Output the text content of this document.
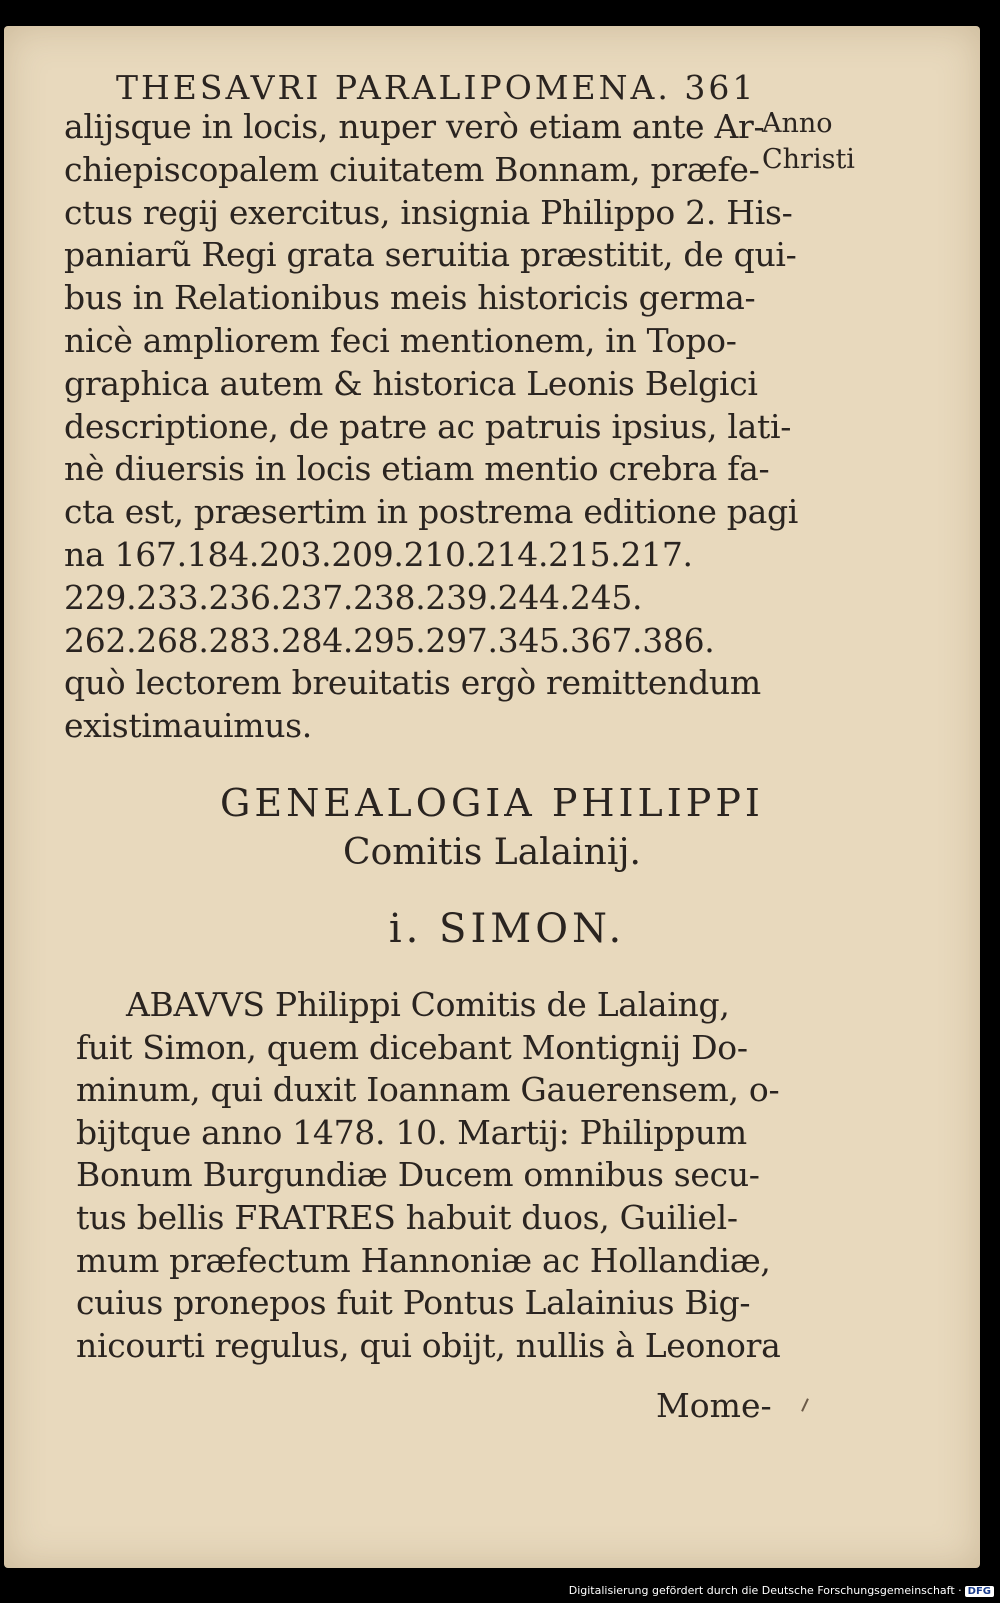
THESAVRI PARALIPOMENA. 361
Anno
Christi
alijsque in locis, nuper verò etiam ante Ar-
chiepiscopalem ciuitatem Bonnam, præfe-
ctus regij exercitus, insignia Philippo 2. His-
paniarũ Regi grata seruitia præstitit, de qui-
bus in Relationibus meis historicis germa-
nicè ampliorem feci mentionem, in Topo-
graphica autem & historica Leonis Belgici
descriptione, de patre ac patruis ipsius, lati-
nè diuersis in locis etiam mentio crebra fa-
cta est, præsertim in postrema editione pagi
na 167.184.203.209.210.214.215.217.
229.233.236.237.238.239.244.245.
262.268.283.284.295.297.345.367.386.
quò lectorem breuitatis ergò remittendum
existimauimus.
GENEALOGIA PHILIPPI
Comitis Lalainij.
i. SIMON.
ABAVVS Philippi Comitis de Lalaing,
fuit Simon, quem dicebant Montignij Do-
minum, qui duxit Ioannam Gauerensem, o-
bijtque anno 1478. 10. Martij: Philippum
Bonum Burgundiæ Ducem omnibus secu-
tus bellis FRATRES habuit duos, Guiliel-
mum præfectum Hannoniæ ac Hollandiæ,
cuius pronepos fuit Pontus Lalainius Big-
nicourti regulus, qui obijt, nullis à Leonora
Mome-
Digitalisierung gefördert durch die Deutsche Forschungsgemeinschaft · DFG
